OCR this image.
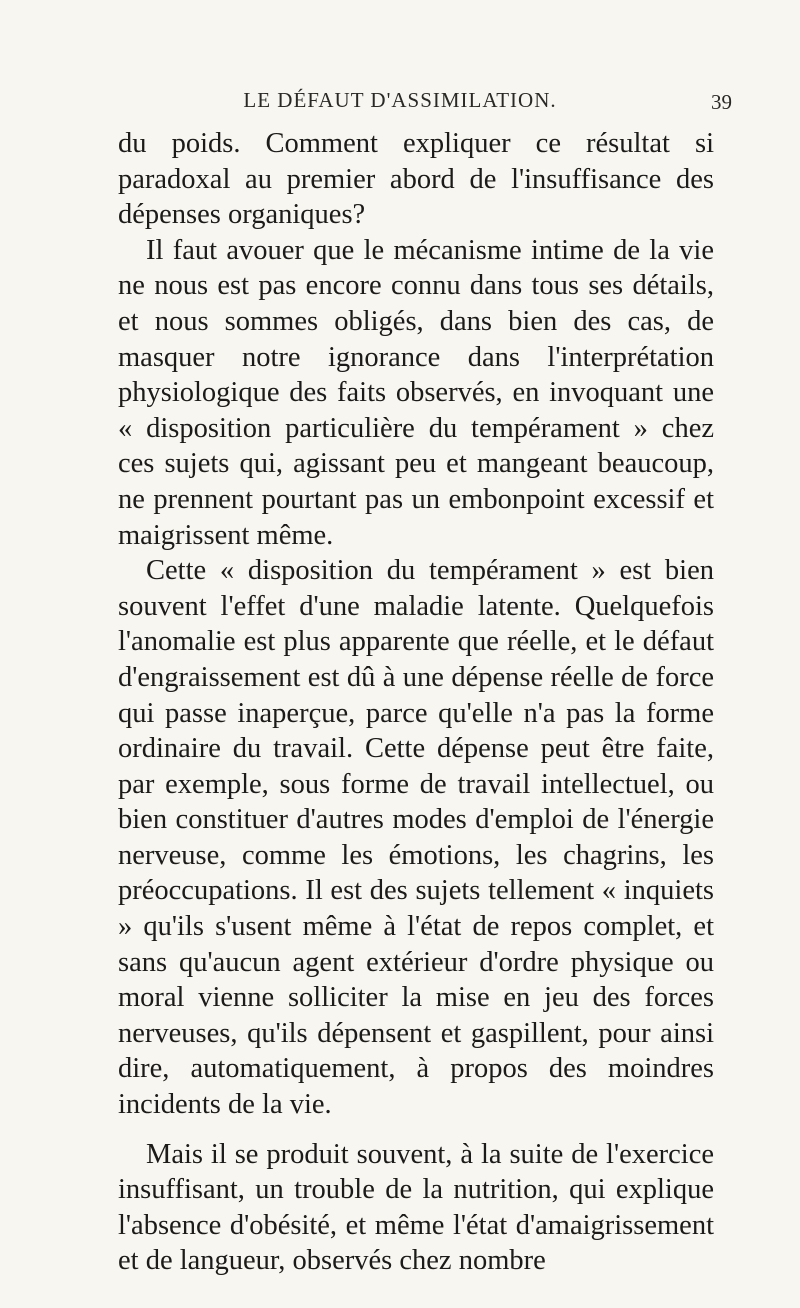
LE DÉFAUT D'ASSIMILATION.	39

du poids. Comment expliquer ce résultat si paradoxal au premier abord de l'insuffisance des dépenses organiques?

Il faut avouer que le mécanisme intime de la vie ne nous est pas encore connu dans tous ses détails, et nous sommes obligés, dans bien des cas, de masquer notre ignorance dans l'interprétation physiologique des faits observés, en invoquant une « disposition particulière du tempérament » chez ces sujets qui, agissant peu et mangeant beaucoup, ne prennent pourtant pas un embonpoint excessif et maigrissent même.

Cette « disposition du tempérament » est bien souvent l'effet d'une maladie latente. Quelquefois l'anomalie est plus apparente que réelle, et le défaut d'engraissement est dû à une dépense réelle de force qui passe inaperçue, parce qu'elle n'a pas la forme ordinaire du travail. Cette dépense peut être faite, par exemple, sous forme de travail intellectuel, ou bien constituer d'autres modes d'emploi de l'énergie nerveuse, comme les émotions, les chagrins, les préoccupations. Il est des sujets tellement « inquiets » qu'ils s'usent même à l'état de repos complet, et sans qu'aucun agent extérieur d'ordre physique ou moral vienne solliciter la mise en jeu des forces nerveuses, qu'ils dépensent et gaspillent, pour ainsi dire, automatiquement, à propos des moindres incidents de la vie.

Mais il se produit souvent, à la suite de l'exercice insuffisant, un trouble de la nutrition, qui explique l'absence d'obésité, et même l'état d'amaigrissement et de langueur, observés chez nombre
